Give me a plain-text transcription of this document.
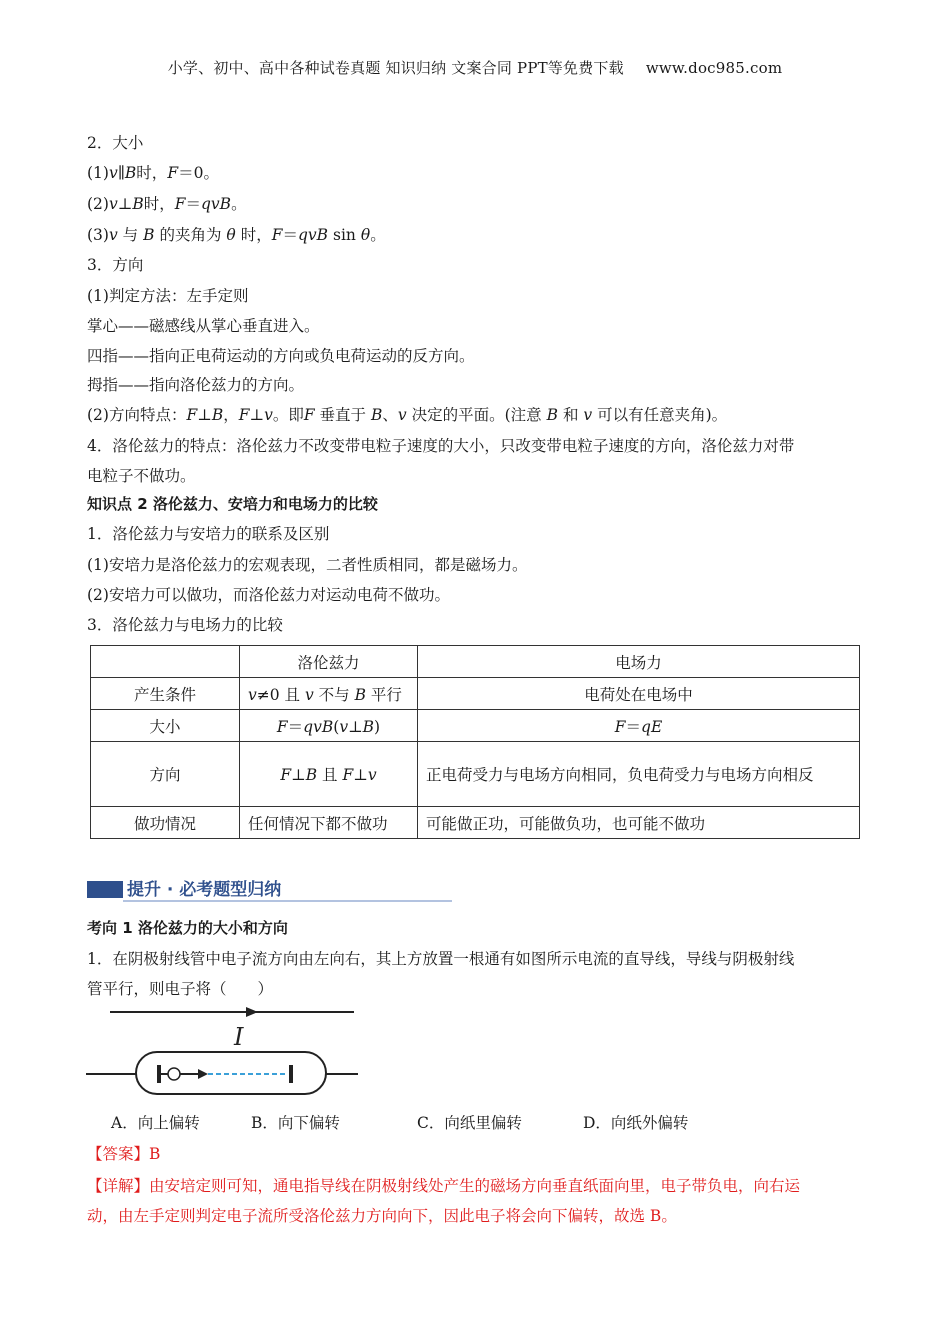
小学、初中、高中各种试卷真题 知识归纳 文案合同 PPT等免费下载 www.doc985.com
2．大小
(1)v∥B时，F＝0。
(2)v⊥B时，F＝qvB。
(3)v 与 B 的夹角为 θ 时，F＝qvB sin θ。
3．方向
(1)判定方法：左手定则
掌心——磁感线从掌心垂直进入。
四指——指向正电荷运动的方向或负电荷运动的反方向。
拇指——指向洛伦兹力的方向。
(2)方向特点：F⊥B，F⊥v。即F 垂直于 B、v 决定的平面。(注意 B 和 v 可以有任意夹角)。
4．洛伦兹力的特点：洛伦兹力不改变带电粒子速度的大小，只改变带电粒子速度的方向，洛伦兹力对带
电粒子不做功。
知识点 2 洛伦兹力、安培力和电场力的比较
1．洛伦兹力与安培力的联系及区别
(1)安培力是洛伦兹力的宏观表现，二者性质相同，都是磁场力。
(2)安培力可以做功，而洛伦兹力对运动电荷不做功。
3．洛伦兹力与电场力的比较
	洛伦兹力	电场力
产生条件	v≠0 且 v 不与 B 平行	电荷处在电场中
大小	F＝qvB(v⊥B)	F＝qE
方向	F⊥B 且 F⊥v	正电荷受力与电场方向相同，负电荷受力与电场方向相反
做功情况	任何情况下都不做功	可能做正功，可能做负功，也可能不做功
提升 · 必考题型归纳
考向 1 洛伦兹力的大小和方向
1．在阴极射线管中电子流方向由左向右，其上方放置一根通有如图所示电流的直导线，导线与阴极射线
管平行，则电子将（　　）
I
A．向上偏转	B．向下偏转	C．向纸里偏转	D．向纸外偏转
【答案】B
【详解】由安培定则可知，通电指导线在阴极射线处产生的磁场方向垂直纸面向里，电子带负电，向右运
动，由左手定则判定电子流所受洛伦兹力方向向下，因此电子将会向下偏转，故选 B。
